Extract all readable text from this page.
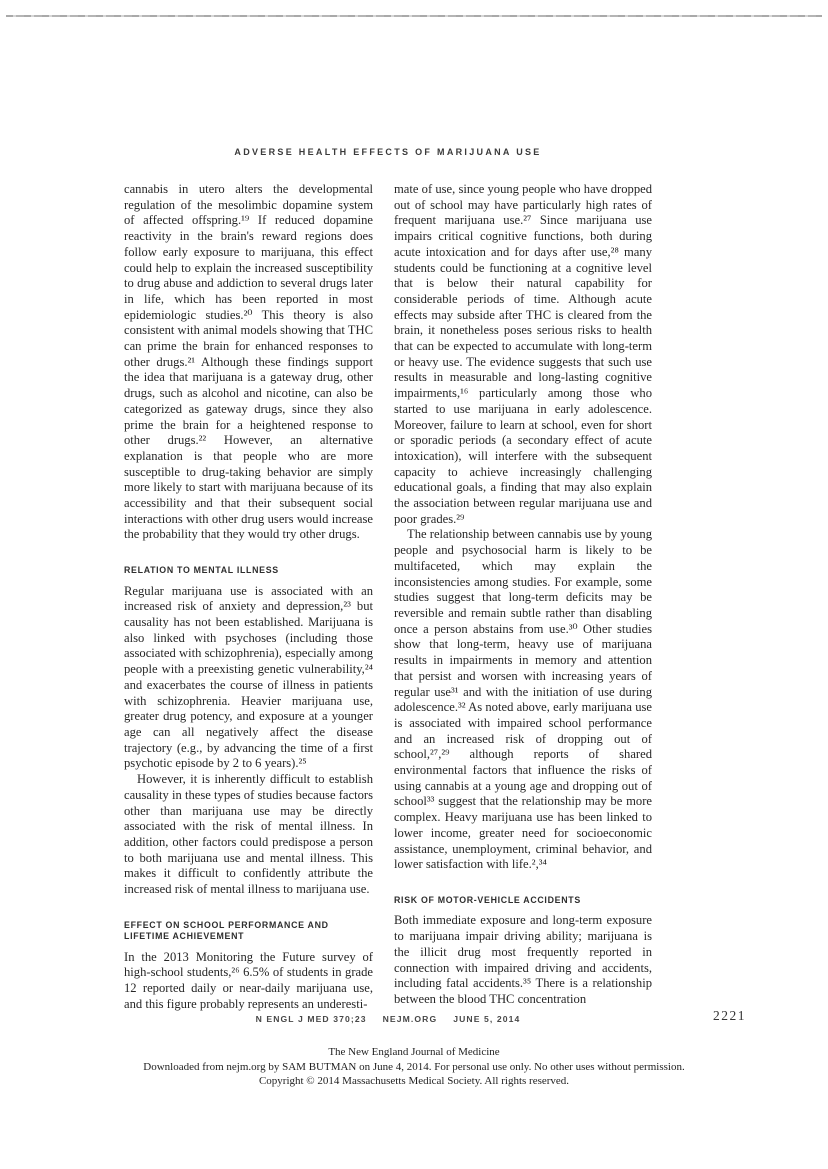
ADVERSE HEALTH EFFECTS OF MARIJUANA USE

cannabis in utero alters the developmental regulation of the mesolimbic dopamine system of affected offspring.¹⁹ If reduced dopamine reactivity in the brain's reward regions does follow early exposure to marijuana, this effect could help to explain the increased susceptibility to drug abuse and addiction to several drugs later in life, which has been reported in most epidemiologic studies.²⁰ This theory is also consistent with animal models showing that THC can prime the brain for enhanced responses to other drugs.²¹ Although these findings support the idea that marijuana is a gateway drug, other drugs, such as alcohol and nicotine, can also be categorized as gateway drugs, since they also prime the brain for a heightened response to other drugs.²² However, an alternative explanation is that people who are more susceptible to drug-taking behavior are simply more likely to start with marijuana because of its accessibility and that their subsequent social interactions with other drug users would increase the probability that they would try other drugs.

RELATION TO MENTAL ILLNESS

Regular marijuana use is associated with an increased risk of anxiety and depression,²³ but causality has not been established. Marijuana is also linked with psychoses (including those associated with schizophrenia), especially among people with a preexisting genetic vulnerability,²⁴ and exacerbates the course of illness in patients with schizophrenia. Heavier marijuana use, greater drug potency, and exposure at a younger age can all negatively affect the disease trajectory (e.g., by advancing the time of a first psychotic episode by 2 to 6 years).²⁵

However, it is inherently difficult to establish causality in these types of studies because factors other than marijuana use may be directly associated with the risk of mental illness. In addition, other factors could predispose a person to both marijuana use and mental illness. This makes it difficult to confidently attribute the increased risk of mental illness to marijuana use.

EFFECT ON SCHOOL PERFORMANCE AND LIFETIME ACHIEVEMENT

In the 2013 Monitoring the Future survey of high-school students,²⁶ 6.5% of students in grade 12 reported daily or near-daily marijuana use, and this figure probably represents an underesti-

mate of use, since young people who have dropped out of school may have particularly high rates of frequent marijuana use.²⁷ Since marijuana use impairs critical cognitive functions, both during acute intoxication and for days after use,²⁸ many students could be functioning at a cognitive level that is below their natural capability for considerable periods of time. Although acute effects may subside after THC is cleared from the brain, it nonetheless poses serious risks to health that can be expected to accumulate with long-term or heavy use. The evidence suggests that such use results in measurable and long-lasting cognitive impairments,¹⁶ particularly among those who started to use marijuana in early adolescence. Moreover, failure to learn at school, even for short or sporadic periods (a secondary effect of acute intoxication), will interfere with the subsequent capacity to achieve increasingly challenging educational goals, a finding that may also explain the association between regular marijuana use and poor grades.²⁹

The relationship between cannabis use by young people and psychosocial harm is likely to be multifaceted, which may explain the inconsistencies among studies. For example, some studies suggest that long-term deficits may be reversible and remain subtle rather than disabling once a person abstains from use.³⁰ Other studies show that long-term, heavy use of marijuana results in impairments in memory and attention that persist and worsen with increasing years of regular use³¹ and with the initiation of use during adolescence.³² As noted above, early marijuana use is associated with impaired school performance and an increased risk of dropping out of school,²⁷,²⁹ although reports of shared environmental factors that influence the risks of using cannabis at a young age and dropping out of school³³ suggest that the relationship may be more complex. Heavy marijuana use has been linked to lower income, greater need for socioeconomic assistance, unemployment, criminal behavior, and lower satisfaction with life.²,³⁴

RISK OF MOTOR-VEHICLE ACCIDENTS

Both immediate exposure and long-term exposure to marijuana impair driving ability; marijuana is the illicit drug most frequently reported in connection with impaired driving and accidents, including fatal accidents.³⁵ There is a relationship between the blood THC concentration

N ENGL J MED 370;23 NEJM.ORG JUNE 5, 2014	2221
The New England Journal of Medicine
Downloaded from nejm.org by SAM BUTMAN on June 4, 2014. For personal use only. No other uses without permission.
Copyright © 2014 Massachusetts Medical Society. All rights reserved.
